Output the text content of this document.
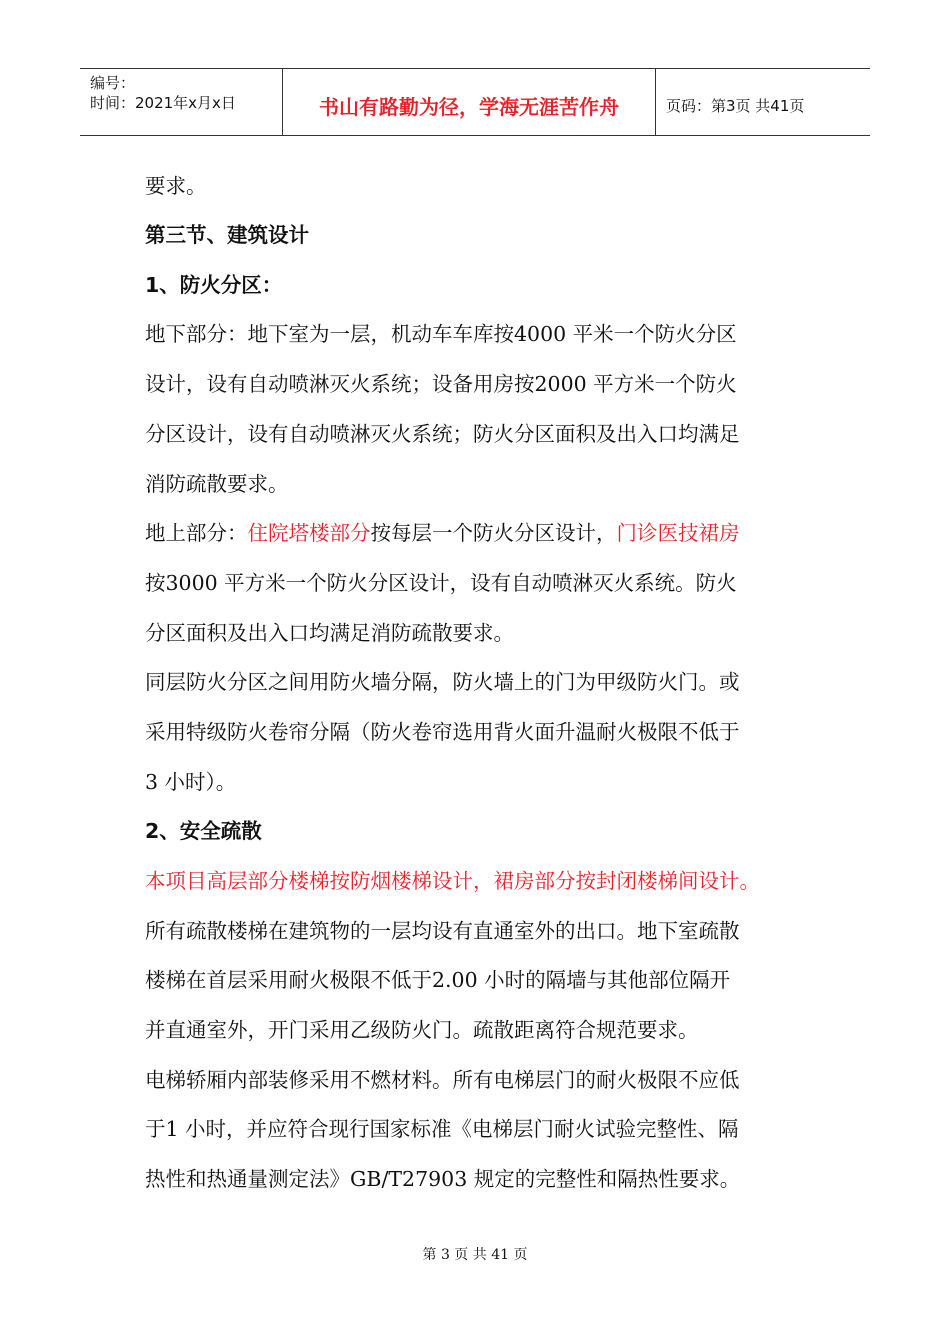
编号：
时间：2021年x月x日	书山有路勤为径，学海无涯苦作舟	页码：第3页 共41页

要求。

第三节、建筑设计

1、防火分区：

地下部分：地下室为一层，机动车车库按4000 平米一个防火分区

设计，设有自动喷淋灭火系统；设备用房按2000 平方米一个防火

分区设计，设有自动喷淋灭火系统；防火分区面积及出入口均满足

消防疏散要求。

地上部分：住院塔楼部分按每层一个防火分区设计，门诊医技裙房

按3000 平方米一个防火分区设计，设有自动喷淋灭火系统。防火

分区面积及出入口均满足消防疏散要求。

同层防火分区之间用防火墙分隔，防火墙上的门为甲级防火门。或

采用特级防火卷帘分隔（防火卷帘选用背火面升温耐火极限不低于

3 小时）。

2、安全疏散

本项目高层部分楼梯按防烟楼梯设计，裙房部分按封闭楼梯间设计。

所有疏散楼梯在建筑物的一层均设有直通室外的出口。地下室疏散

楼梯在首层采用耐火极限不低于2.00 小时的隔墙与其他部位隔开

并直通室外，开门采用乙级防火门。疏散距离符合规范要求。

电梯轿厢内部装修采用不燃材料。所有电梯层门的耐火极限不应低

于1 小时，并应符合现行国家标准《电梯层门耐火试验完整性、隔

热性和热通量测定法》GB/T27903 规定的完整性和隔热性要求。

第 3 页 共 41 页
